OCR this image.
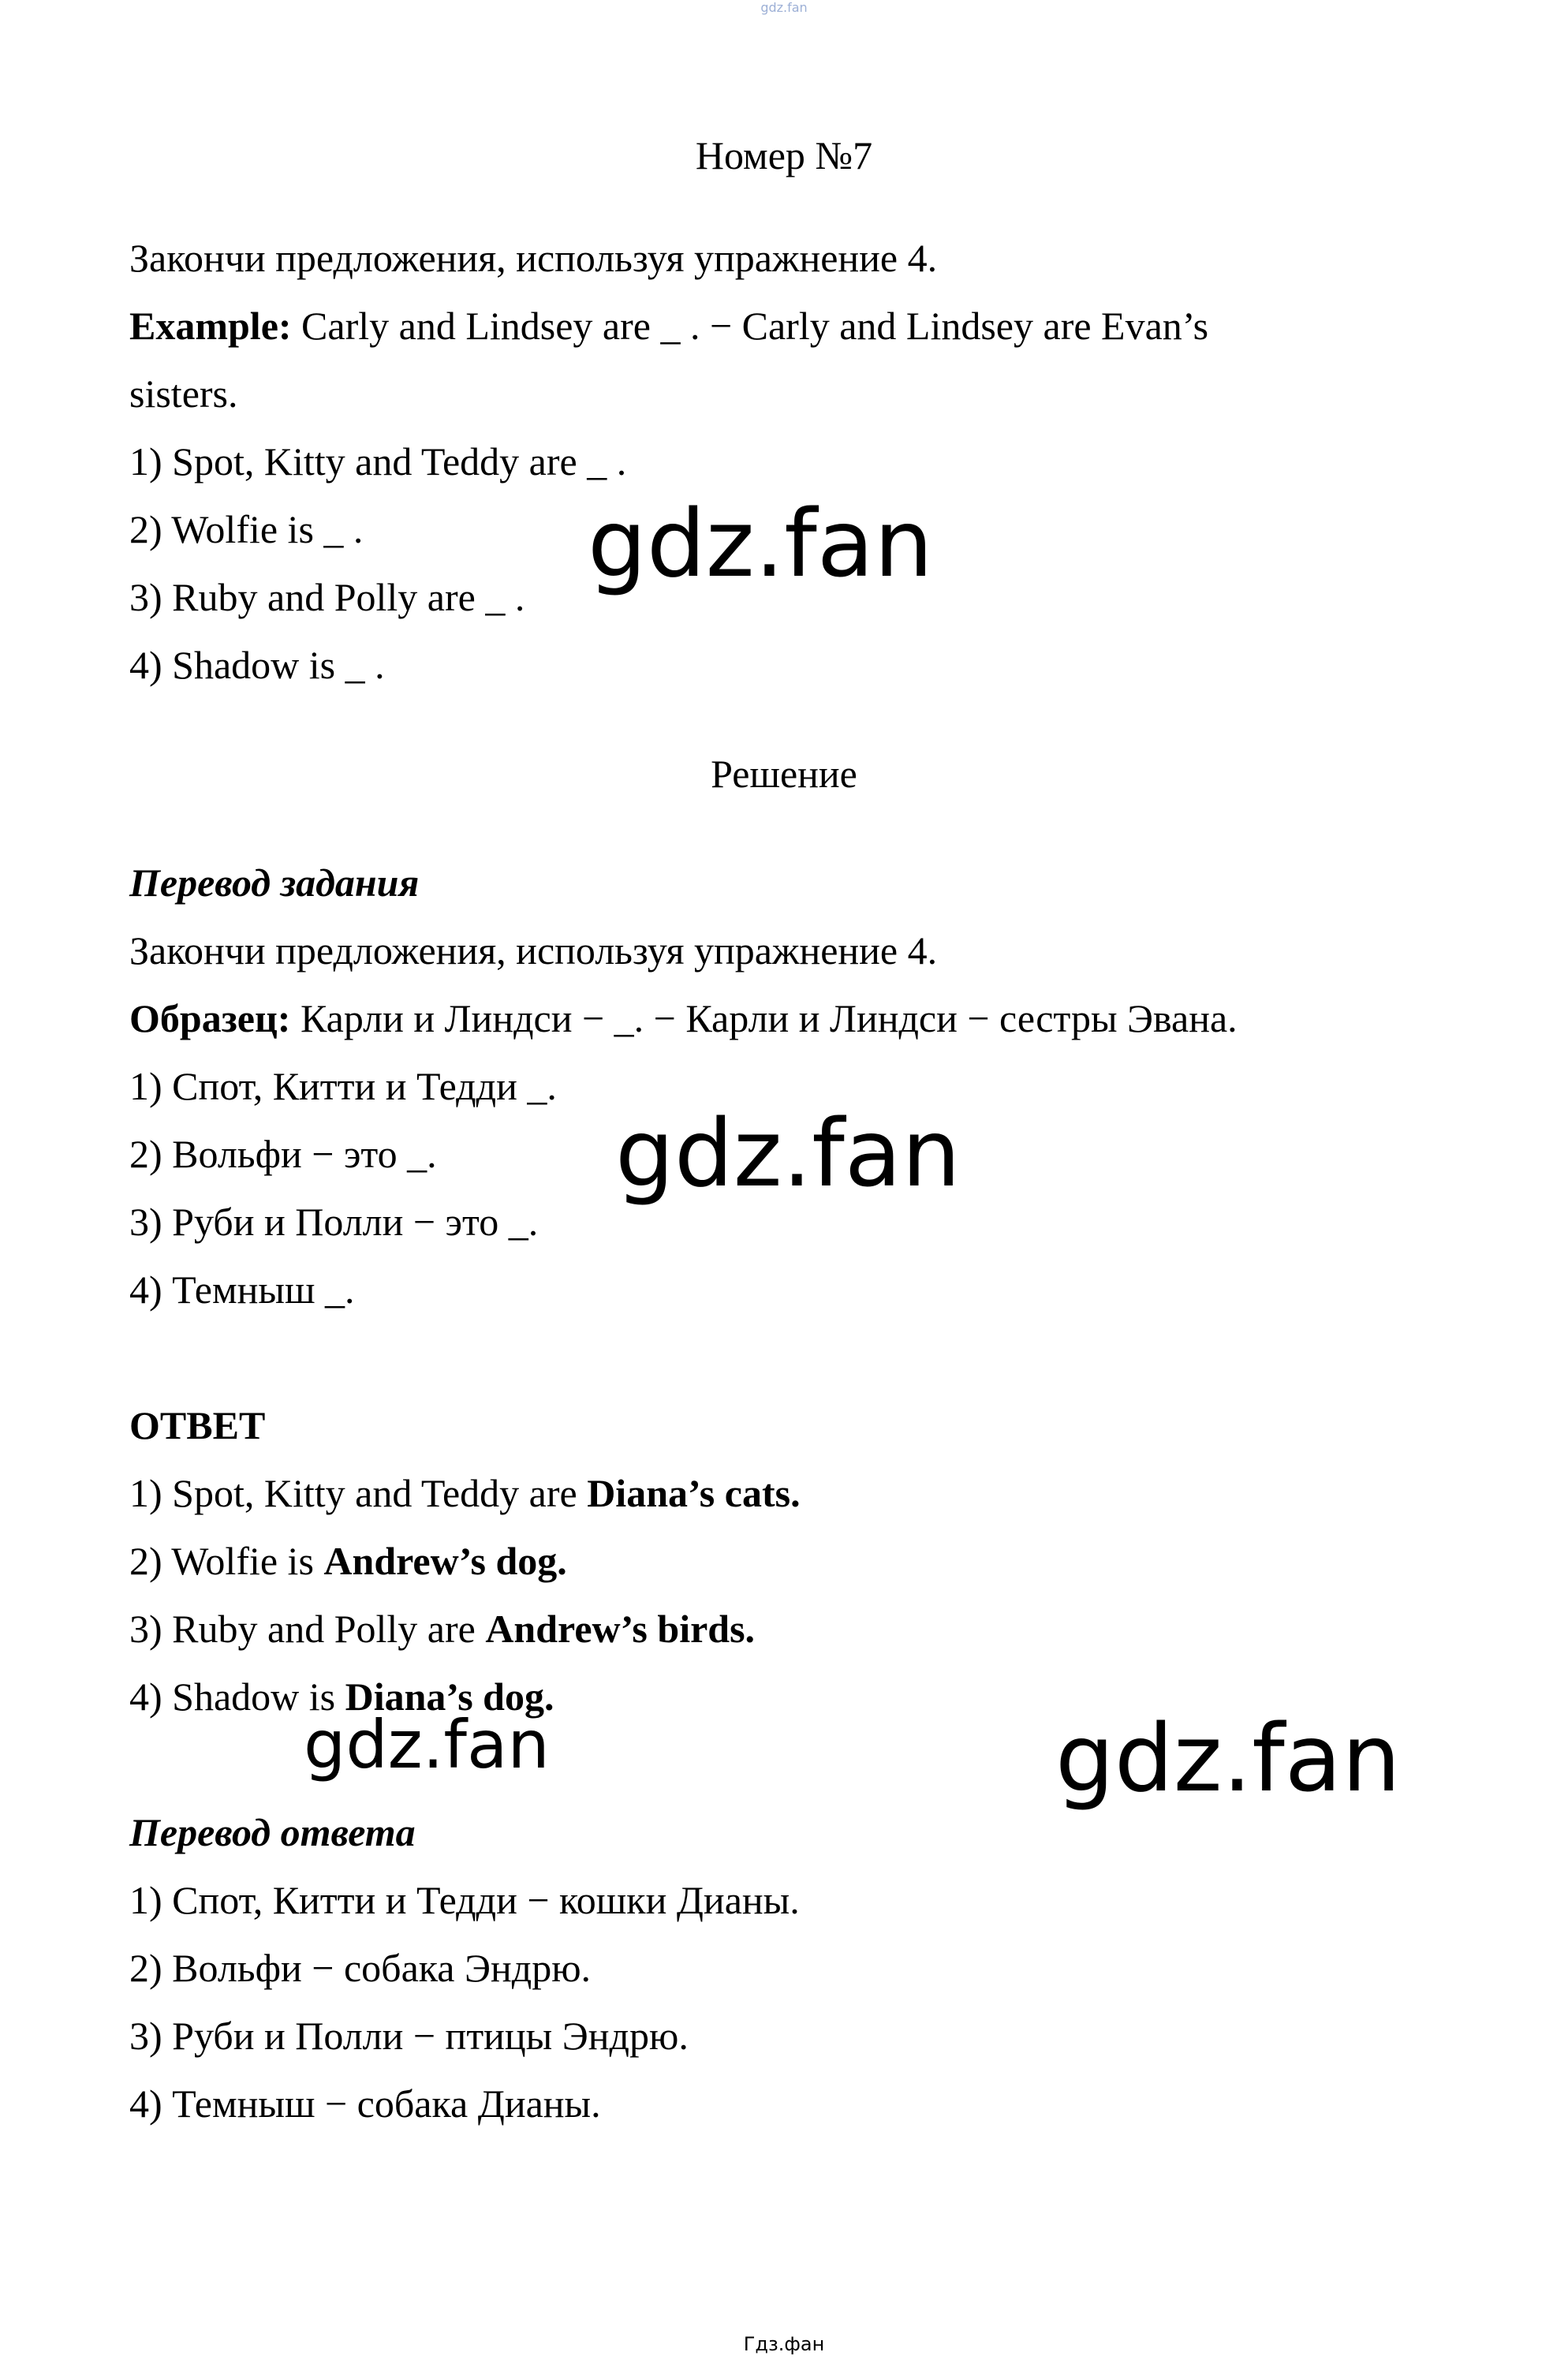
gdz.fan
Номер №7
Закончи предложения, используя упражнение 4.
Example: Carly and Lindsey are _ . − Carly and Lindsey are Evan’s
sisters.
1) Spot, Kitty and Teddy are _ .
2) Wolfie is _ .
3) Ruby and Polly are _ .
4) Shadow is _ .
Решение
Перевод задания
Закончи предложения, используя упражнение 4.
Образец: Карли и Линдси − _. − Карли и Линдси − сестры Эвана.
1) Спот, Китти и Тедди _.
2) Вольфи − это _.
3) Руби и Полли − это _.
4) Темныш _.
ОТВЕТ
1) Spot, Kitty and Teddy are Diana’s cats.
2) Wolfie is Andrew’s dog.
3) Ruby and Polly are Andrew’s birds.
4) Shadow is Diana’s dog.
Перевод ответа
1) Спот, Китти и Тедди − кошки Дианы.
2) Вольфи − собака Эндрю.
3) Руби и Полли − птицы Эндрю.
4) Темныш − собака Дианы.
gdz.fan
gdz.fan
gdz.fan	gdz.fan
Гдз.фан
